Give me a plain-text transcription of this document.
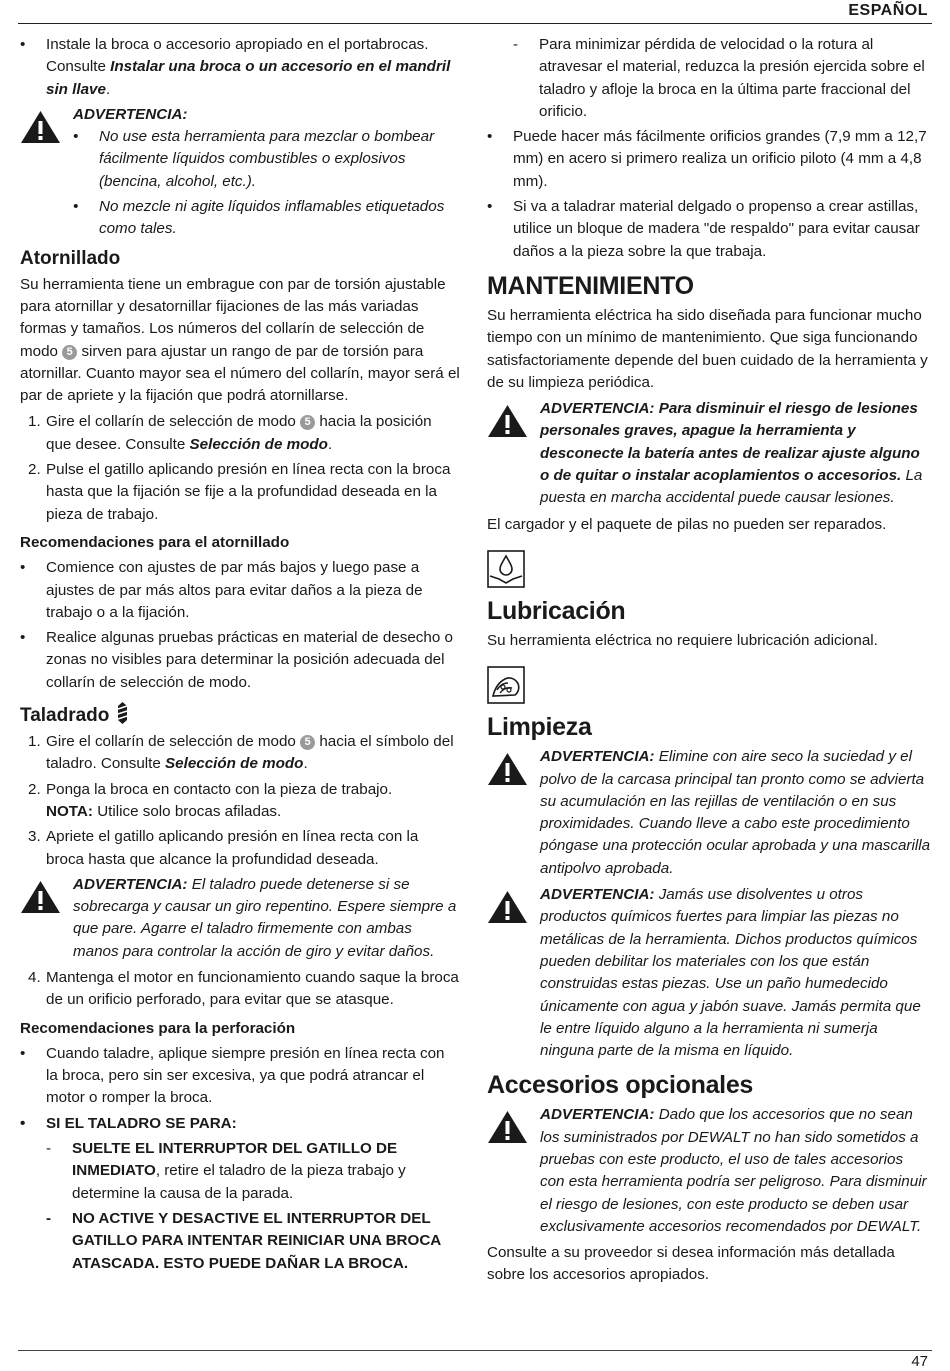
ESPAÑOL
• Instale la broca o accesorio apropiado en el portabrocas. Consulte Instalar una broca o un accesorio en el mandril sin llave.
ADVERTENCIA:
• No use esta herramienta para mezclar o bombear fácilmente líquidos combustibles o explosivos (bencina, alcohol, etc.).
• No mezcle ni agite líquidos inflamables etiquetados como tales.
Atornillado

Su herramienta tiene un embrague con par de torsión ajustable para atornillar y desatornillar fijaciones de las más variadas formas y tamaños. Los números del collarín de selección de modo 5 sirven para ajustar un rango de par de torsión para atornillar. Cuanto mayor sea el número del collarín, mayor será el par de apriete y la fijación que podrá atornillarse.

1. Gire el collarín de selección de modo 5 hacia la posición que desee. Consulte Selección de modo.
2. Pulse el gatillo aplicando presión en línea recta con la broca hasta que la fijación se fije a la profundidad deseada en la pieza de trabajo.
Recomendaciones para el atornillado
• Comience con ajustes de par más bajos y luego pase a ajustes de par más altos para evitar daños a la pieza de trabajo o a la fijación.
• Realice algunas pruebas prácticas en material de desecho o zonas no visibles para determinar la posición adecuada del collarín de selección de modo.
Taladrado
1. Gire el collarín de selección de modo 5 hacia el símbolo del taladro. Consulte Selección de modo.
2. Ponga la broca en contacto con la pieza de trabajo.
NOTA: Utilice solo brocas afiladas.
3. Apriete el gatillo aplicando presión en línea recta con la broca hasta que alcance la profundidad deseada.
ADVERTENCIA: El taladro puede detenerse si se sobrecarga y causar un giro repentino. Espere siempre a que pare. Agarre el taladro firmemente con ambas manos para controlar la acción de giro y evitar daños.
4. Mantenga el motor en funcionamiento cuando saque la broca de un orificio perforado, para evitar que se atasque.
Recomendaciones para la perforación
• Cuando taladre, aplique siempre presión en línea recta con la broca, pero sin ser excesiva, ya que podrá atrancar el motor o romper la broca.
• SI EL TALADRO SE PARA:
- SUELTE EL INTERRUPTOR DEL GATILLO DE INMEDIATO, retire el taladro de la pieza trabajo y determine la causa de la parada.
- NO ACTIVE Y DESACTIVE EL INTERRUPTOR DEL GATILLO PARA INTENTAR REINICIAR UNA BROCA ATASCADA. ESTO PUEDE DAÑAR LA BROCA.
- Para minimizar pérdida de velocidad o la rotura al atravesar el material, reduzca la presión ejercida sobre el taladro y afloje la broca en la última parte fraccional del orificio.
• Puede hacer más fácilmente orificios grandes (7,9 mm a 12,7 mm) en acero si primero realiza un orificio piloto (4 mm a 4,8 mm).
• Si va a taladrar material delgado o propenso a crear astillas, utilice un bloque de madera "de respaldo" para evitar causar daños a la pieza sobre la que trabaja.
MANTENIMIENTO

Su herramienta eléctrica ha sido diseñada para funcionar mucho tiempo con un mínimo de mantenimiento. Que siga funcionando satisfactoriamente depende del buen cuidado de la herramienta y de su limpieza periódica.

ADVERTENCIA: Para disminuir el riesgo de lesiones personales graves, apague la herramienta y desconecte la batería antes de realizar ajuste alguno o de quitar o instalar acoplamientos o accesorios. La puesta en marcha accidental puede causar lesiones.

El cargador y el paquete de pilas no pueden ser reparados.

Lubricación

Su herramienta eléctrica no requiere lubricación adicional.

Limpieza
ADVERTENCIA: Elimine con aire seco la suciedad y el polvo de la carcasa principal tan pronto como se advierta su acumulación en las rejillas de ventilación o en sus proximidades. Cuando lleve a cabo este procedimiento póngase una protección ocular aprobada y una mascarilla antipolvo aprobada.
ADVERTENCIA: Jamás use disolventes u otros productos químicos fuertes para limpiar las piezas no metálicas de la herramienta. Dichos productos químicos pueden debilitar los materiales con los que están construidas estas piezas. Use un paño humedecido únicamente con agua y jabón suave. Jamás permita que le entre líquido alguno a la herramienta ni sumerja ninguna parte de la misma en líquido.
Accesorios opcionales
ADVERTENCIA: Dado que los accesorios que no sean los suministrados por DEWALT no han sido sometidos a pruebas con este producto, el uso de tales accesorios con esta herramienta podría ser peligroso. Para disminuir el riesgo de lesiones, con este producto se deben usar exclusivamente accesorios recomendados por DEWALT.

Consulte a su proveedor si desea información más detallada sobre los accesorios apropiados.

47
